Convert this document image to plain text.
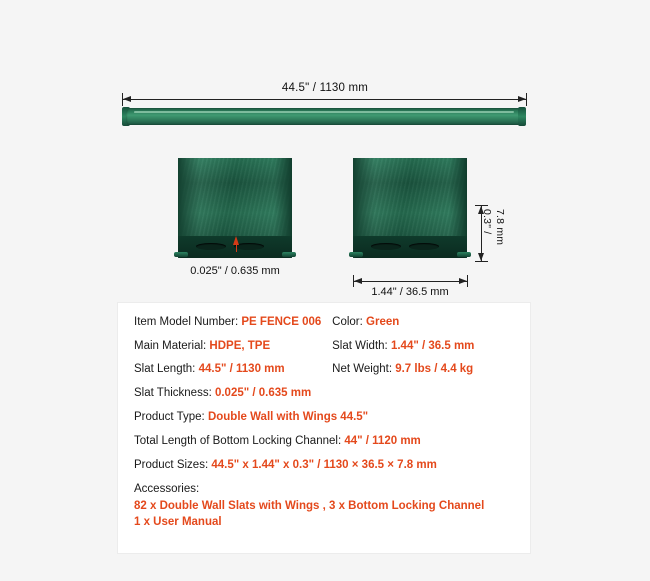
44.5" / 1130 mm
0.025" / 0.635 mm
1.44" / 36.5 mm
0.3" / 7.8 mm
Item Model Number: PE FENCE 006
Main Material: HDPE, TPE
Slat Length: 44.5" / 1130 mm
Slat Thickness: 0.025" / 0.635 mm
Color: Green
Slat Width: 1.44" / 36.5 mm
Net Weight: 9.7 lbs / 4.4 kg
Product Type: Double Wall with Wings 44.5"
Total Length of Bottom Locking Channel: 44" / 1120 mm
Product Sizes: 44.5" x 1.44" x 0.3" / 1130 × 36.5 × 7.8 mm
Accessories:
82 x Double Wall Slats with Wings , 3 x Bottom Locking Channel
1 x User Manual
